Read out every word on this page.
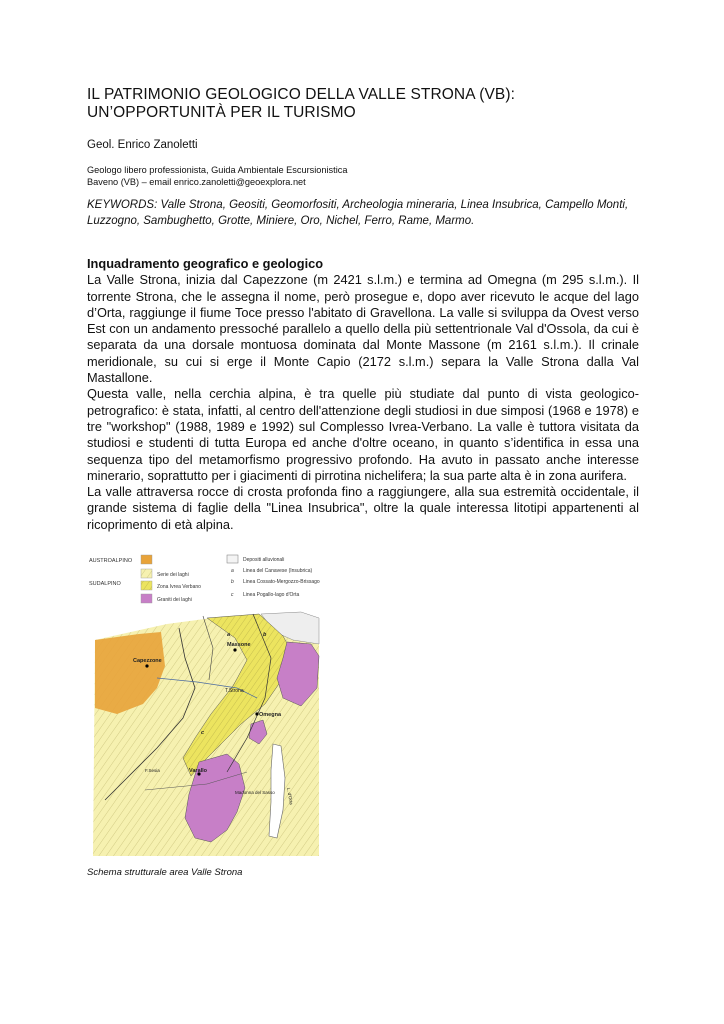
IL PATRIMONIO GEOLOGICO DELLA VALLE STRONA (VB):
UN’OPPORTUNITÀ PER IL TURISMO
Geol. Enrico Zanoletti
Geologo libero professionista, Guida Ambientale Escursionistica
Baveno (VB) – email enrico.zanoletti@geoexplora.net
KEYWORDS: Valle Strona, Geositi, Geomorfositi, Archeologia mineraria, Linea Insubrica, Campello Monti, Luzzogno, Sambughetto, Grotte, Miniere, Oro, Nichel, Ferro, Rame, Marmo.
Inquadramento geografico e geologico

La Valle Strona, inizia dal Capezzone (m 2421 s.l.m.) e termina ad Omegna (m 295 s.l.m.). Il torrente Strona, che le assegna il nome, però prosegue e, dopo aver ricevuto le acque del lago d’Orta, raggiunge il fiume Toce presso l'abitato di Gravellona. La valle si sviluppa da Ovest verso Est con un andamento pressoché parallelo a quello della più settentrionale Val d'Ossola, da cui è separata da una dorsale montuosa dominata dal Monte Massone (m 2161 s.l.m.). Il crinale meridionale, su cui si erge il Monte Capio (2172 s.l.m.) separa la Valle Strona dalla Val Mastallone.

Questa valle, nella cerchia alpina, è tra quelle più studiate dal punto di vista geologico-petrografico: è stata, infatti, al centro dell'attenzione degli studiosi in due simposi (1968 e 1978) e tre "workshop" (1988, 1989 e 1992) sul Complesso Ivrea-Verbano. La valle è tuttora visitata da studiosi e studenti di tutta Europa ed anche d'oltre oceano, in quanto s’identifica in essa una sequenza tipo del metamorfismo progressivo profondo. Ha avuto in passato anche interesse minerario, soprattutto per i giacimenti di pirrotina nichelifera; la sua parte alta è in zona aurifera.

La valle attraversa rocce di crosta profonda fino a raggiungere, alla sua estremità occidentale, il grande sistema di faglie della "Linea Insubrica", oltre la quale interessa litotipi appartenenti al ricoprimento di età alpina.

AUSTROALPINO
SUDALPINO
Serie dei laghi
Zona Ivrea Verbano
Graniti dei laghi
Depositi alluvionali
a Linea del Canavese (Insubrica)
b Linea Cossato-Mergozzo-Brissago
c Linea Pogallo-lago d'Orta
Capezzone
Massone
T.Strona
Omegna
Varallo
F.Sesia
Madonna del Sasso L. d'Orta
a	b
c
Schema strutturale area Valle Strona
